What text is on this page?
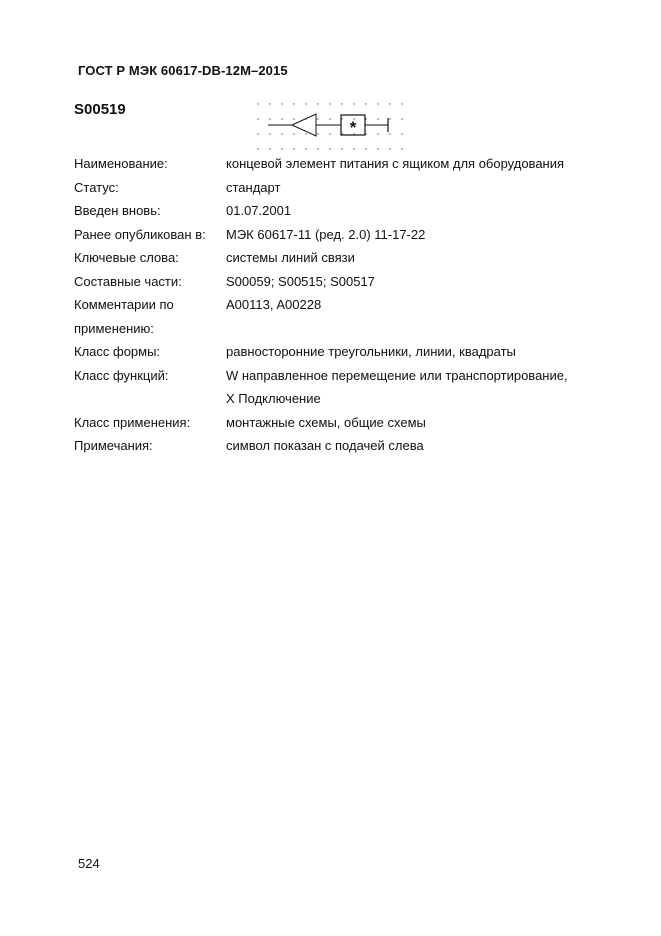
ГОСТ Р МЭК 60617-DB-12M–2015
S00519
*
Наименование:	концевой элемент питания с ящиком для оборудования
Статус:	стандарт
Введен вновь:	01.07.2001
Ранее опубликован в:	МЭК 60617-11 (ред. 2.0) 11-17-22
Ключевые слова:	системы линий связи
Составные части:	S00059; S00515; S00517
Комментарии по	A00113, A00228
применению:
Класс формы:	равносторонние треугольники, линии, квадраты
Класс функций:	W направленное перемещение или транспортирование,
X Подключение
Класс применения:	монтажные схемы, общие схемы
Примечания:	символ показан с подачей слева
524
